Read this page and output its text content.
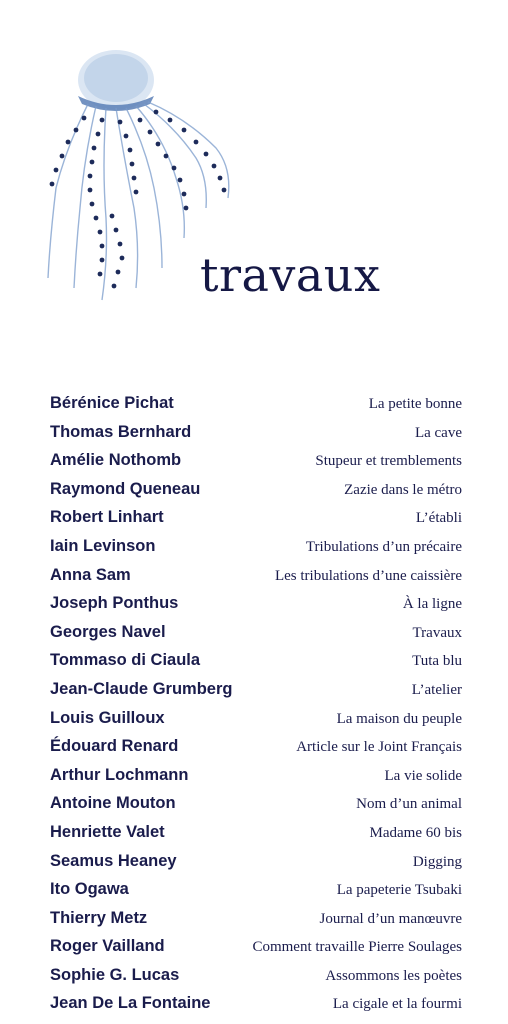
travaux
Bérénice Pichat	La petite bonne
Thomas Bernhard	La cave
Amélie Nothomb	Stupeur et tremblements
Raymond Queneau	Zazie dans le métro
Robert Linhart	L’établi
Iain Levinson	Tribulations d’un précaire
Anna Sam	Les tribulations d’une caissière
Joseph Ponthus	À la ligne
Georges Navel	Travaux
Tommaso di Ciaula	Tuta blu
Jean-Claude Grumberg	L’atelier
Louis Guilloux	La maison du peuple
Édouard Renard	Article sur le Joint Français
Arthur Lochmann	La vie solide
Antoine Mouton	Nom d’un animal
Henriette Valet	Madame 60 bis
Seamus Heaney	Digging
Ito Ogawa	La papeterie Tsubaki
Thierry Metz	Journal d’un manœuvre
Roger Vailland	Comment travaille Pierre Soulages
Sophie G. Lucas	Assommons les poètes
Jean De La Fontaine	La cigale et la fourmi
